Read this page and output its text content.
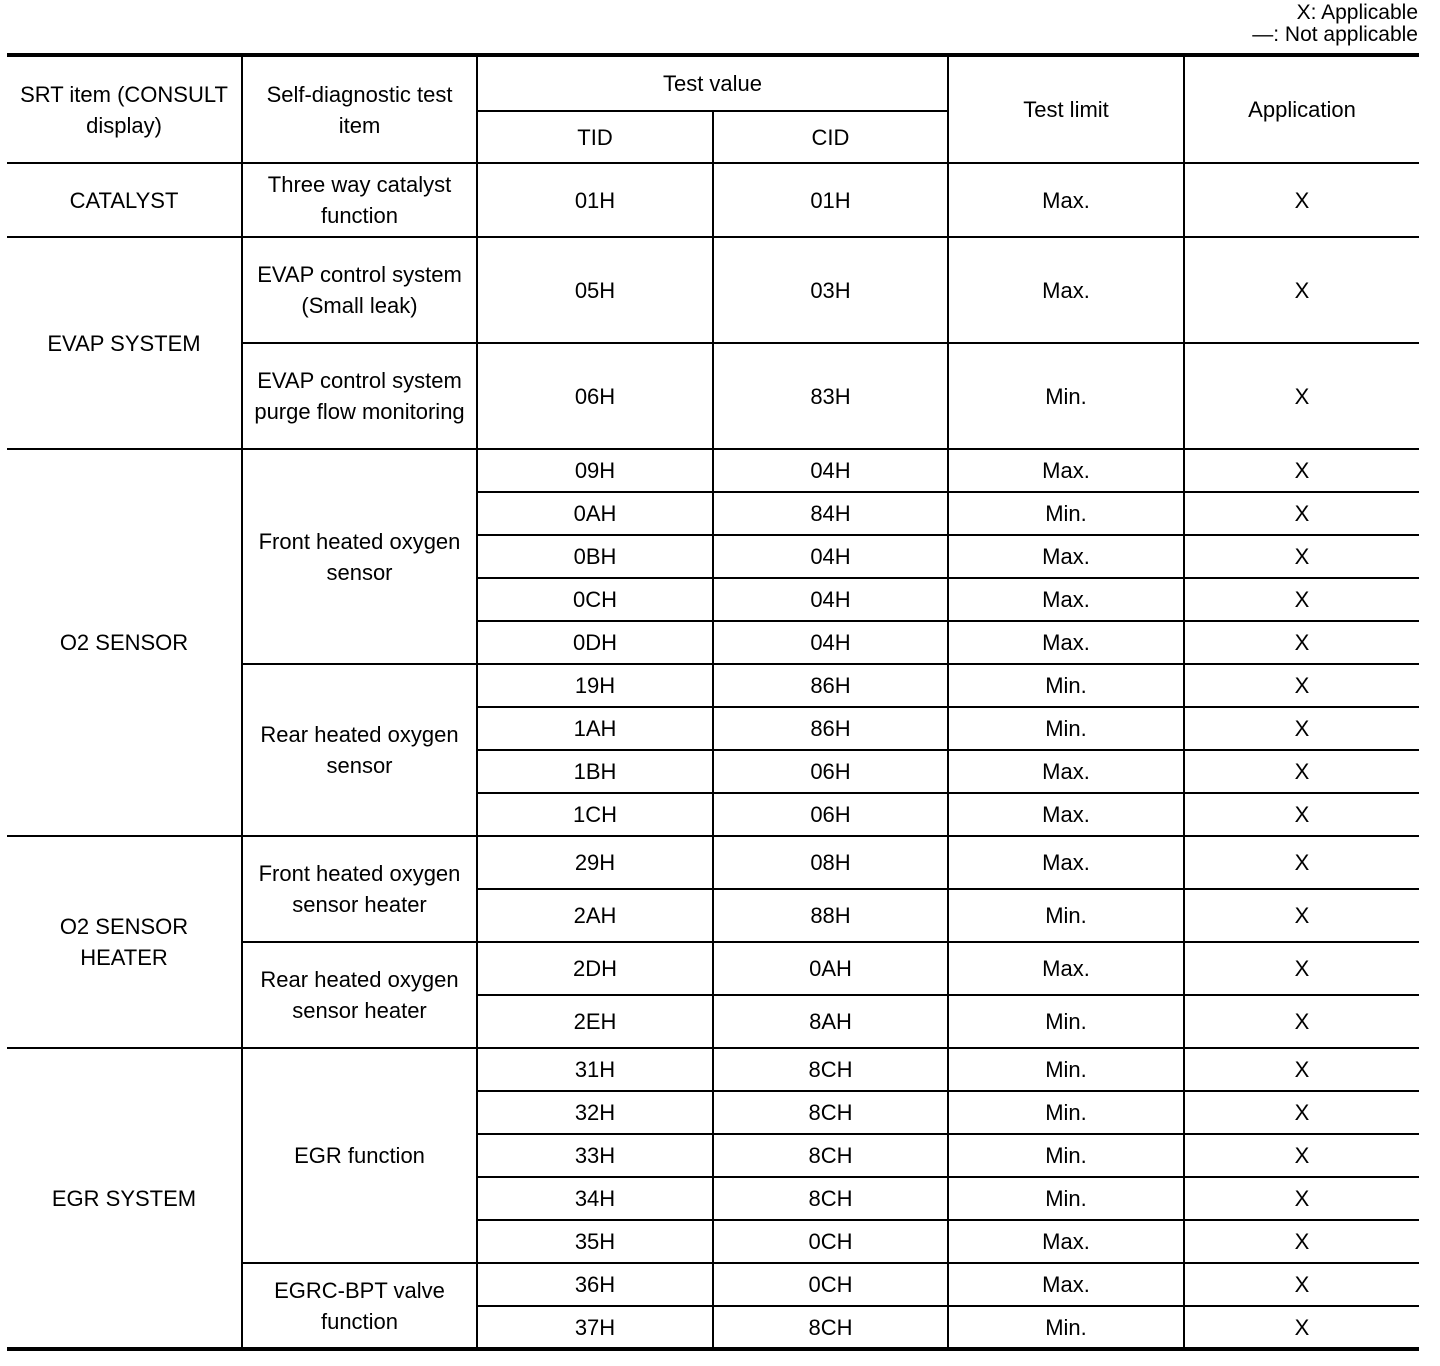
X: Applicable
—: Not applicable
SRT item (CONSULT display)	Self-diagnostic test item	Test value		Test limit	Application
		TID	CID		
CATALYST	Three way catalyst function	01H	01H	Max.	X
EVAP SYSTEM	EVAP control system (Small leak)	05H	03H	Max.	X
	EVAP control system purge flow monitoring	06H	83H	Min.	X
O2 SENSOR	Front heated oxygen sensor	09H	04H	Max.	X
		0AH	84H	Min.	X
		0BH	04H	Max.	X
		0CH	04H	Max.	X
		0DH	04H	Max.	X
	Rear heated oxygen sensor	19H	86H	Min.	X
		1AH	86H	Min.	X
		1BH	06H	Max.	X
		1CH	06H	Max.	X
O2 SENSOR HEATER	Front heated oxygen sensor heater	29H	08H	Max.	X
		2AH	88H	Min.	X
	Rear heated oxygen sensor heater	2DH	0AH	Max.	X
		2EH	8AH	Min.	X
EGR SYSTEM	EGR function	31H	8CH	Min.	X
		32H	8CH	Min.	X
		33H	8CH	Min.	X
		34H	8CH	Min.	X
		35H	0CH	Max.	X
	EGRC-BPT valve function	36H	0CH	Max.	X
		37H	8CH	Min.	X
